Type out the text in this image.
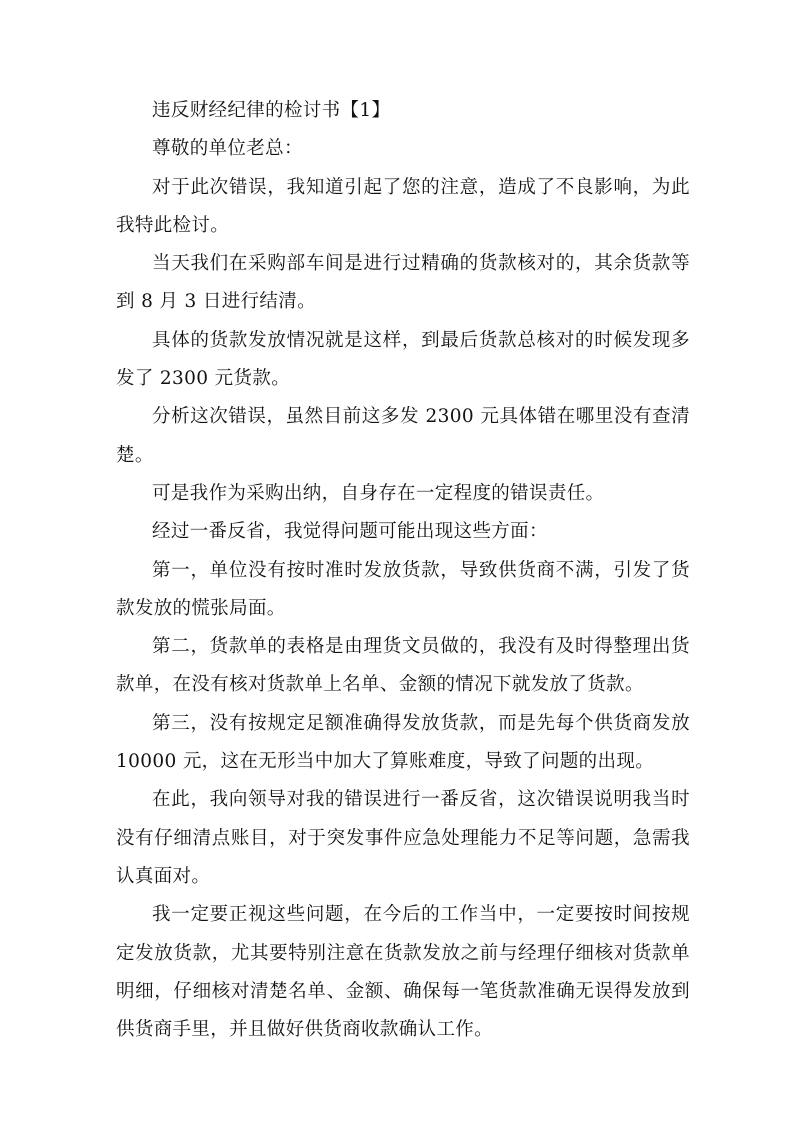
违反财经纪律的检讨书【1】

尊敬的单位老总：

对于此次错误，我知道引起了您的注意，造成了不良影响，为此我特此检讨。

当天我们在采购部车间是进行过精确的货款核对的，其余货款等到 8 月 3 日进行结清。

具体的货款发放情况就是这样，到最后货款总核对的时候发现多发了 2300 元货款。

分析这次错误，虽然目前这多发 2300 元具体错在哪里没有查清楚。

可是我作为采购出纳，自身存在一定程度的错误责任。

经过一番反省，我觉得问题可能出现这些方面：

第一，单位没有按时准时发放货款，导致供货商不满，引发了货款发放的慌张局面。

第二，货款单的表格是由理货文员做的，我没有及时得整理出货款单，在没有核对货款单上名单、金额的情况下就发放了货款。

第三，没有按规定足额准确得发放货款，而是先每个供货商发放 10000 元，这在无形当中加大了算账难度，导致了问题的出现。

在此，我向领导对我的错误进行一番反省，这次错误说明我当时没有仔细清点账目，对于突发事件应急处理能力不足等问题，急需我认真面对。

我一定要正视这些问题，在今后的工作当中，一定要按时间按规定发放货款，尤其要特别注意在货款发放之前与经理仔细核对货款单明细，仔细核对清楚名单、金额、确保每一笔货款准确无误得发放到供货商手里，并且做好供货商收款确认工作。
